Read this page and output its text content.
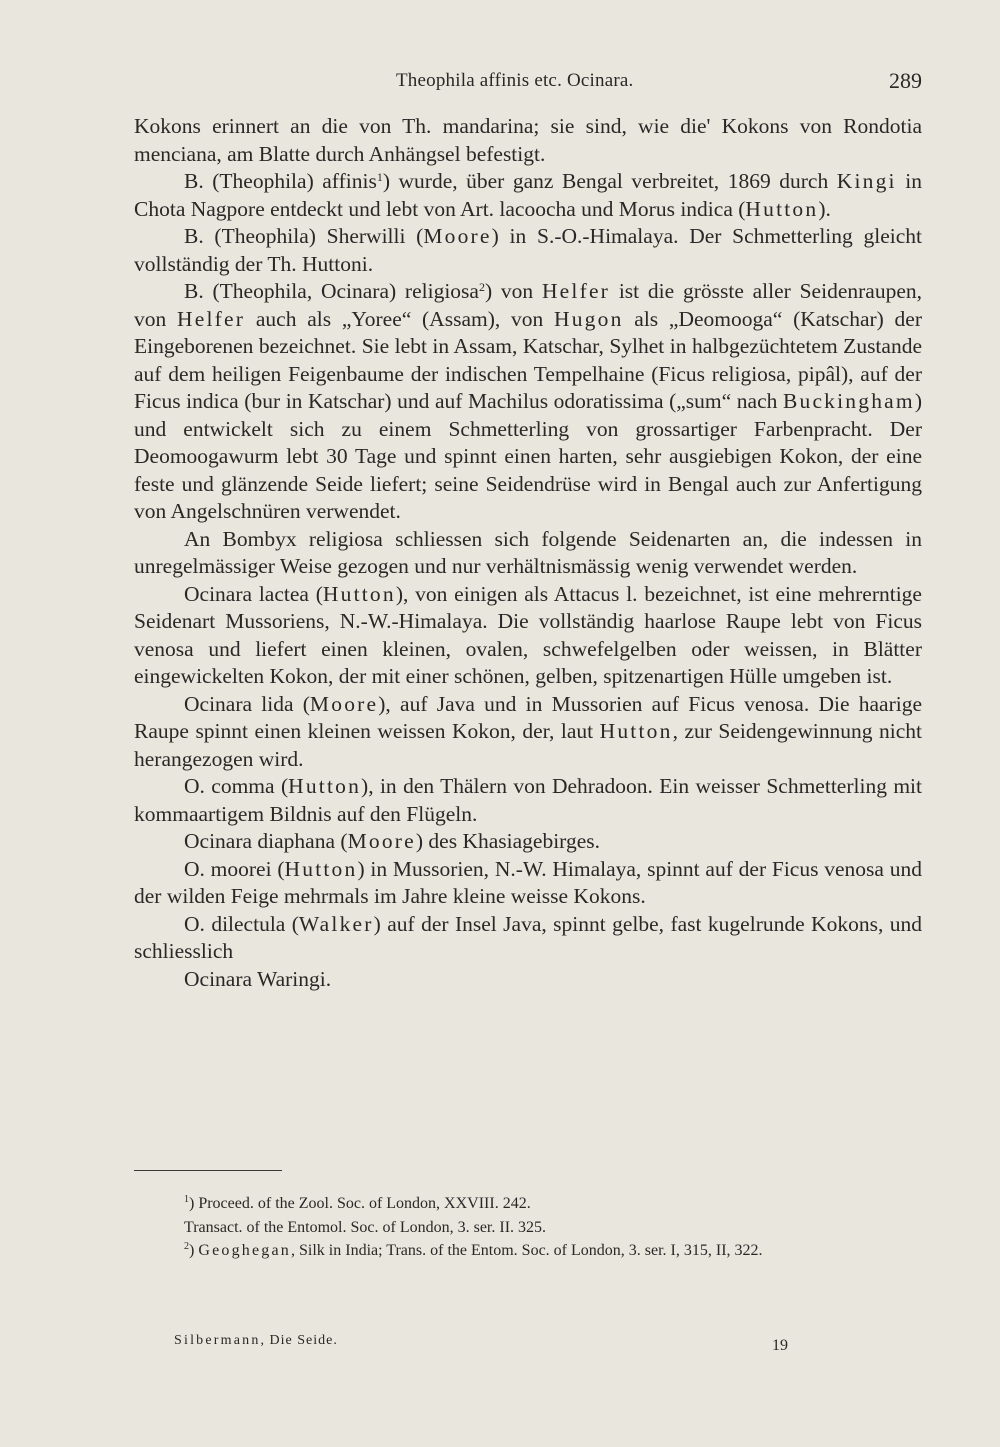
Theophila affinis etc. Ocinara.	289

Kokons erinnert an die von Th. mandarina; sie sind, wie die' Kokons von Rondotia menciana, am Blatte durch Anhängsel befestigt.

B. (Theophila) affinis$^1$) wurde, über ganz Bengal verbreitet, 1869 durch Kingi in Chota Nagpore entdeckt und lebt von Art. lacoocha und Morus indica (Hutton).

B. (Theophila) Sherwilli (Moore) in S.-O.-Himalaya. Der Schmetterling gleicht vollständig der Th. Huttoni.

B. (Theophila, Ocinara) religiosa$^2$) von Helfer ist die grösste aller Seidenraupen, von Helfer auch als „Yoree“ (Assam), von Hugon als „Deomooga“ (Katschar) der Eingeborenen bezeichnet. Sie lebt in Assam, Katschar, Sylhet in halbgezüchtetem Zustande auf dem heiligen Feigenbaume der indischen Tempelhaine (Ficus religiosa, pipâl), auf der Ficus indica (bur in Katschar) und auf Machilus odoratissima („sum“ nach Buckingham) und entwickelt sich zu einem Schmetterling von grossartiger Farbenpracht. Der Deomoogawurm lebt 30 Tage und spinnt einen harten, sehr ausgiebigen Kokon, der eine feste und glänzende Seide liefert; seine Seidendrüse wird in Bengal auch zur Anfertigung von Angelschnüren verwendet.

An Bombyx religiosa schliessen sich folgende Seidenarten an, die indessen in unregelmässiger Weise gezogen und nur verhältnismässig wenig verwendet werden.

Ocinara lactea (Hutton), von einigen als Attacus l. bezeichnet, ist eine mehrerntige Seidenart Mussoriens, N.-W.-Himalaya. Die vollständig haarlose Raupe lebt von Ficus venosa und liefert einen kleinen, ovalen, schwefelgelben oder weissen, in Blätter eingewickelten Kokon, der mit einer schönen, gelben, spitzenartigen Hülle umgeben ist.

Ocinara lida (Moore), auf Java und in Mussorien auf Ficus venosa. Die haarige Raupe spinnt einen kleinen weissen Kokon, der, laut Hutton, zur Seidengewinnung nicht herangezogen wird.

O. comma (Hutton), in den Thälern von Dehradoon. Ein weisser Schmetterling mit kommaartigem Bildnis auf den Flügeln.

Ocinara diaphana (Moore) des Khasiagebirges.

O. moorei (Hutton) in Mussorien, N.-W. Himalaya, spinnt auf der Ficus venosa und der wilden Feige mehrmals im Jahre kleine weisse Kokons.

O. dilectula (Walker) auf der Insel Java, spinnt gelbe, fast kugelrunde Kokons, und schliesslich

Ocinara Waringi.

$^1$) Proceed. of the Zool. Soc. of London, XXVIII. 242.

Transact. of the Entomol. Soc. of London, 3. ser. II. 325.

$^2$) Geoghegan, Silk in India; Trans. of the Entom. Soc. of London, 3. ser. I, 315, II, 322.

Silbermann, Die Seide.	19
